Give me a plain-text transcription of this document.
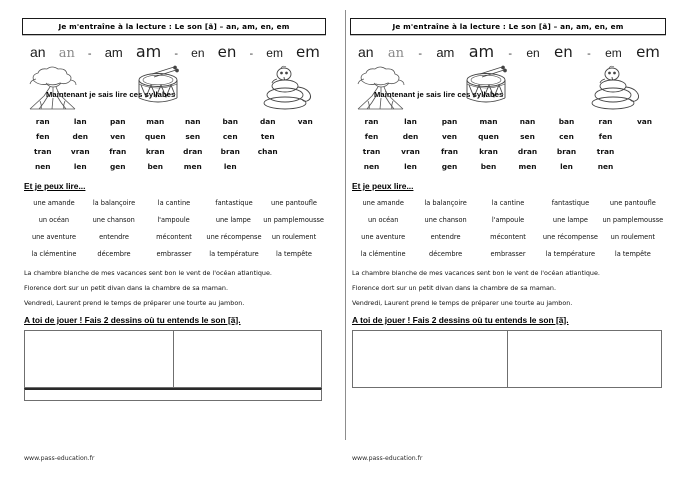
Je m'entraîne à la lecture : Le son [ã] – an, am, en, em
an an - am am - en en - em em
Maintenant je sais lire ces syllabes
ran	lan	pan	man	nan	ban	dan	van
fen	den	ven	quen	sen	cen	ten
tran	vran	fran	kran	dran	bran	chan
nen	len	gen	ben	men	len
Et je peux lire...
une amande	la balançoire	la cantine	fantastique	une pantoufle
un océan	une chanson	l'ampoule	une lampe	un pamplemousse
une aventure	entendre	mécontent	une récompense	un roulement
la clémentine	décembre	embrasser	la température	la tempête
La chambre blanche de mes vacances sent bon le vent de l'océan atlantique.
Florence dort sur un petit divan dans la chambre de sa maman.
Vendredi, Laurent prend le temps de préparer une tourte au jambon.
A toi de jouer ! Fais 2 dessins où tu entends le son [ã].
www.pass-education.fr
Je m'entraîne à la lecture : Le son [ã] – an, am, en, em
an an - am am - en en - em em
Maintenant je sais lire ces syllabes
ran	lan	pan	man	nan	ban	ran	van
fen	den	ven	quen	sen	cen	fen
tran	vran	fran	kran	dran	bran	tran
nen	len	gen	ben	men	len	nen
Et je peux lire...
une amande	la balançoire	la cantine	fantastique	une pantoufle
un océan	une chanson	l'ampoule	une lampe	un pamplemousse
une aventure	entendre	mécontent	une récompense	un roulement
la clémentine	décembre	embrasser	la température	la tempête
La chambre blanche de mes vacances sent bon le vent de l'océan atlantique.
Florence dort sur un petit divan dans la chambre de sa maman.
Vendredi, Laurent prend le temps de préparer une tourte au jambon.
A toi de jouer ! Fais 2 dessins où tu entends le son [ã].
www.pass-education.fr
